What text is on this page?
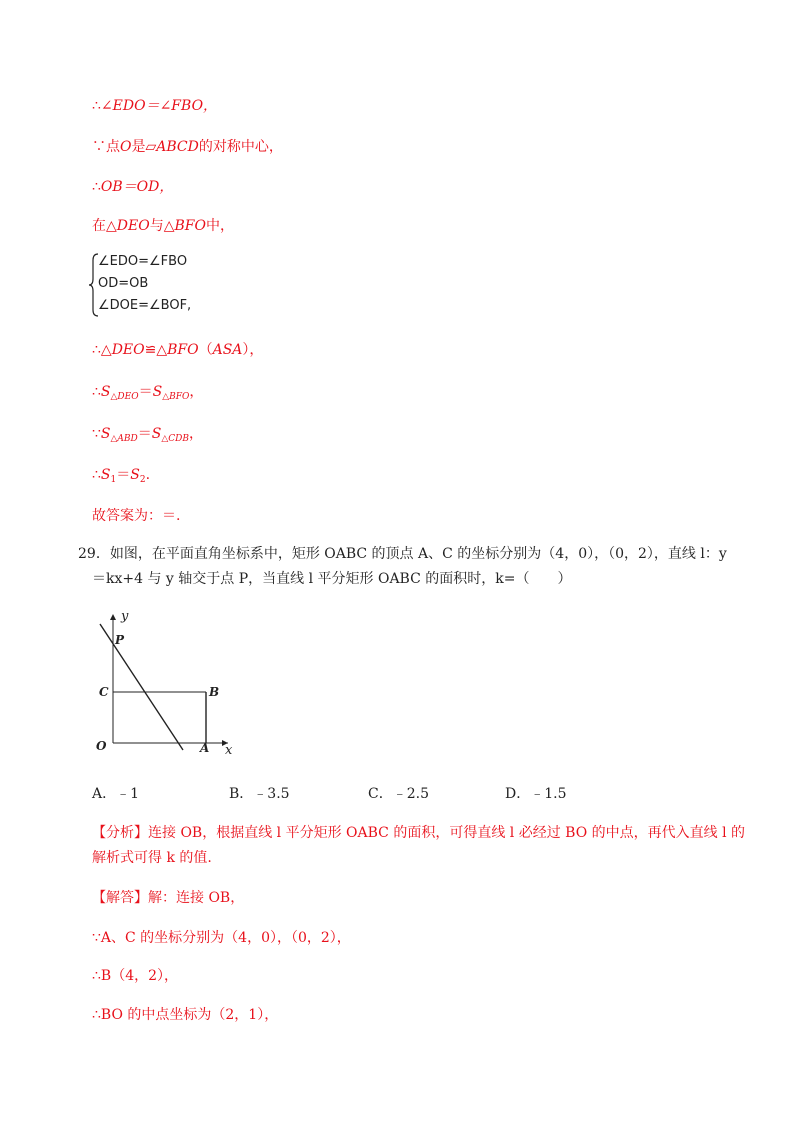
∴∠EDO＝∠FBO，
∵点O是▱ABCD的对称中心，
∴OB＝OD，
在△DEO与△BFO中，
∠EDO=∠FBO
OD=OB
∠DOE=∠BOF,
∴△DEO≌△BFO（ASA），
$\therefore S_{\triangle DEO}=S_{\triangle BFO}$，
$\because S_{\triangle ABD}=S_{\triangle CDB}$，
$\therefore S_1=S_2$.
故答案为：＝.
29．如图，在平面直角坐标系中，矩形 OABC 的顶点 A、C 的坐标分别为（4，0），（0，2），直线 l：y
＝kx+4 与 y 轴交于点 P，当直线 l 平分矩形 OABC 的面积时，k=（　　）
y
P
C	B
O	A x
A．﹣1	B．﹣3.5	C．﹣2.5	D．﹣1.5
【分析】连接 OB，根据直线 l 平分矩形 OABC 的面积，可得直线 l 必经过 BO 的中点，再代入直线 l 的
解析式可得 k 的值.
【解答】解：连接 OB，
∵A、C 的坐标分别为（4，0），（0，2），
∴B（4，2），
∴BO 的中点坐标为（2，1），
